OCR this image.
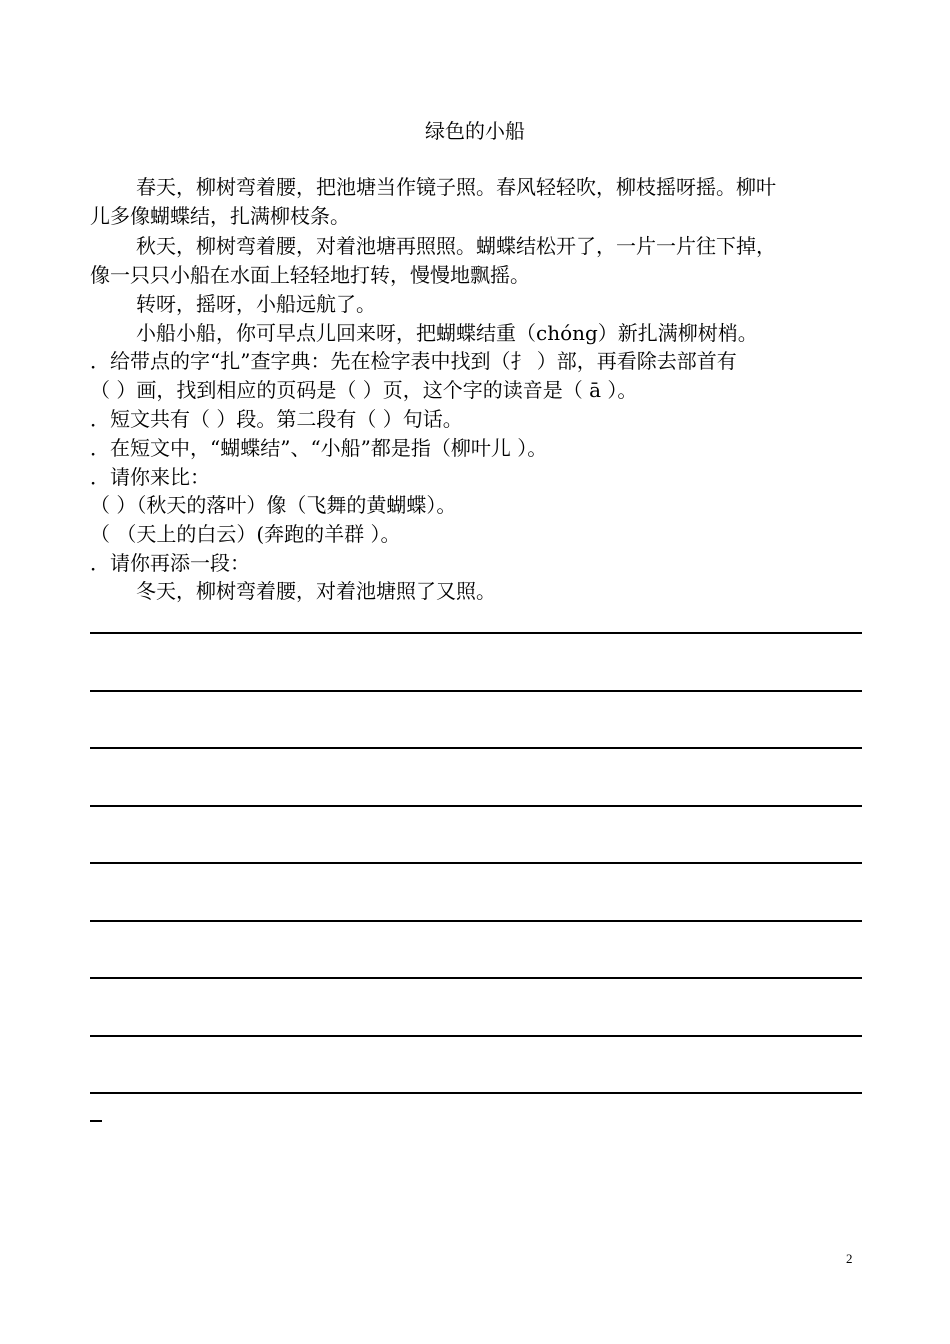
绿色的小船
春天，柳树弯着腰，把池塘当作镜子照。春风轻轻吹，柳枝摇呀摇。柳叶
儿多像蝴蝶结，扎满柳枝条。
秋天，柳树弯着腰，对着池塘再照照。蝴蝶结松开了，一片一片往下掉，
像一只只小船在水面上轻轻地打转，慢慢地飘摇。
转呀，摇呀，小船远航了。
小船小船，你可早点儿回来呀，把蝴蝶结重（chóng）新扎满柳树梢。
．给带点的字“扎”查字典：先在检字表中找到（扌 ）部，再看除去部首有
（ ）画，找到相应的页码是（ ）页，这个字的读音是（ ā ）。
．短文共有（ ）段。第二段有（ ）句话。
．在短文中，“蝴蝶结”、“小船”都是指（柳叶儿 ）。
．请你来比：
（ ）（秋天的落叶）像（飞舞的黄蝴蝶）。
（ （天上的白云）(奔跑的羊群 ）。
．请你再添一段：
冬天，柳树弯着腰，对着池塘照了又照。
2
